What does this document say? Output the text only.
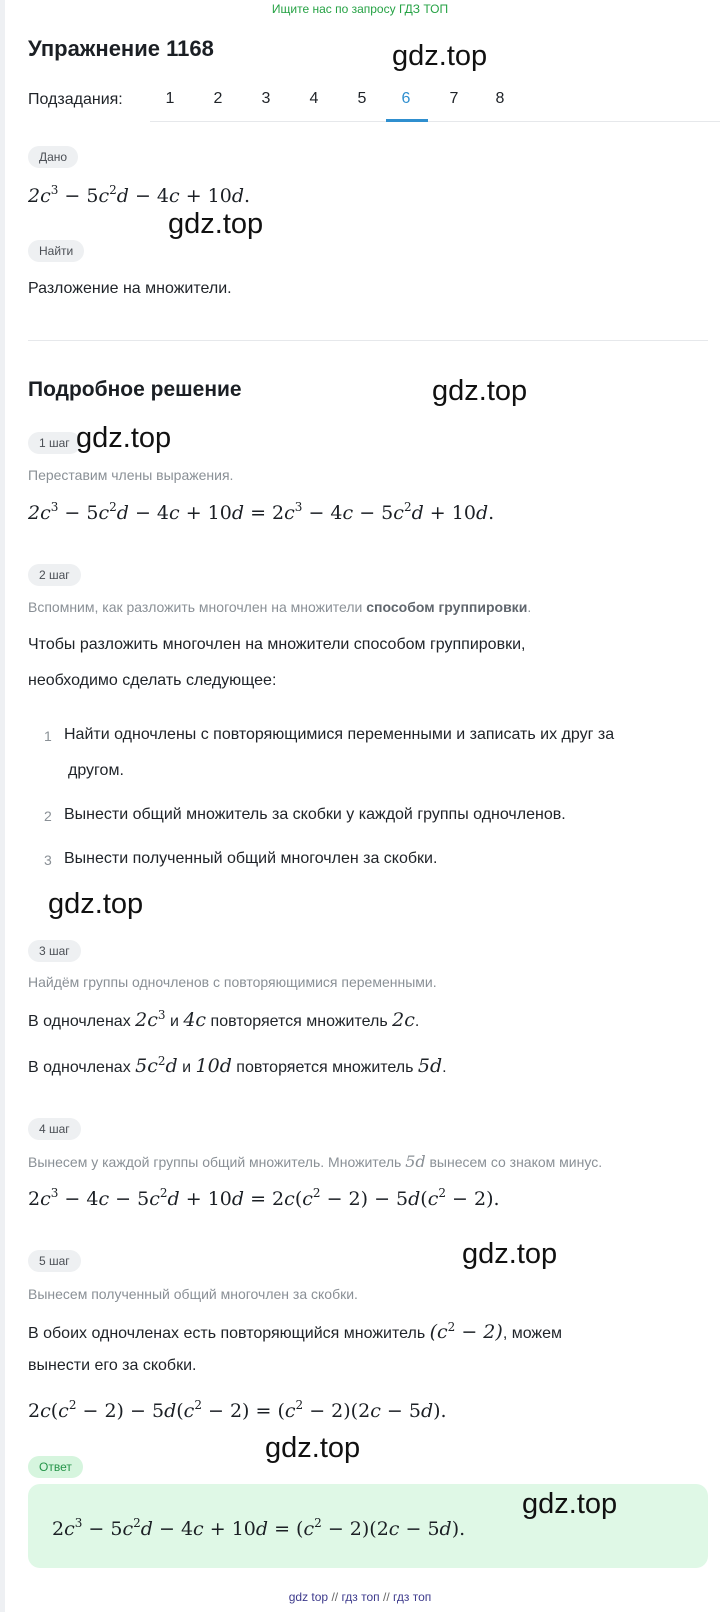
Ищите нас по запросу ГДЗ ТОП
Упражнение 1168	gdz.top
Подзадания:	1	2	3	4	5	6	7	8
Дано
$2c^3 - 5c^2d - 4c + 10d$.
gdz.top
Найти
Разложение на множители.
Подробное решение	gdz.top
1 шаг gdz.top
Переставим члены выражения.
$2c^3 - 5c^2d - 4c + 10d = 2c^3 - 4c - 5c^2d + 10d$.
2 шаг
Вспомним, как разложить многочлен на множители способом группировки.
Чтобы разложить многочлен на множители способом группировки,
необходимо сделать следующее:
1 Найти одночлены с повторяющимися переменными и записать их друг за
другом.
2 Вынести общий множитель за скобки у каждой группы одночленов.
3 Вынести полученный общий многочлен за скобки.
gdz.top
3 шаг
Найдём группы одночленов с повторяющимися переменными.
В одночленах $2c^3$ и 4c повторяется множитель 2c.
В одночленах $5c^2d$ и 10d повторяется множитель 5d.
4 шаг
Вынесем у каждой группы общий множитель. Множитель 5d вынесем со знаком минус.
$2c^3 - 4c - 5c^2d + 10d = 2c(c^2 - 2) - 5d(c^2 - 2)$.
5 шаг	gdz.top
Вынесем полученный общий многочлен за скобки.
В обоих одночленах есть повторяющийся множитель $(c^2 - 2)$, можем
вынести его за скобки.
$2c(c^2 - 2) - 5d(c^2 - 2) = (c^2 - 2)(2c - 5d)$.
Ответ
gdz.top
$2c^3 - 5c^2d - 4c + 10d = (c^2 - 2)(2c - 5d)$.
gdz.top
gdz top // гдз топ // гдз топ
